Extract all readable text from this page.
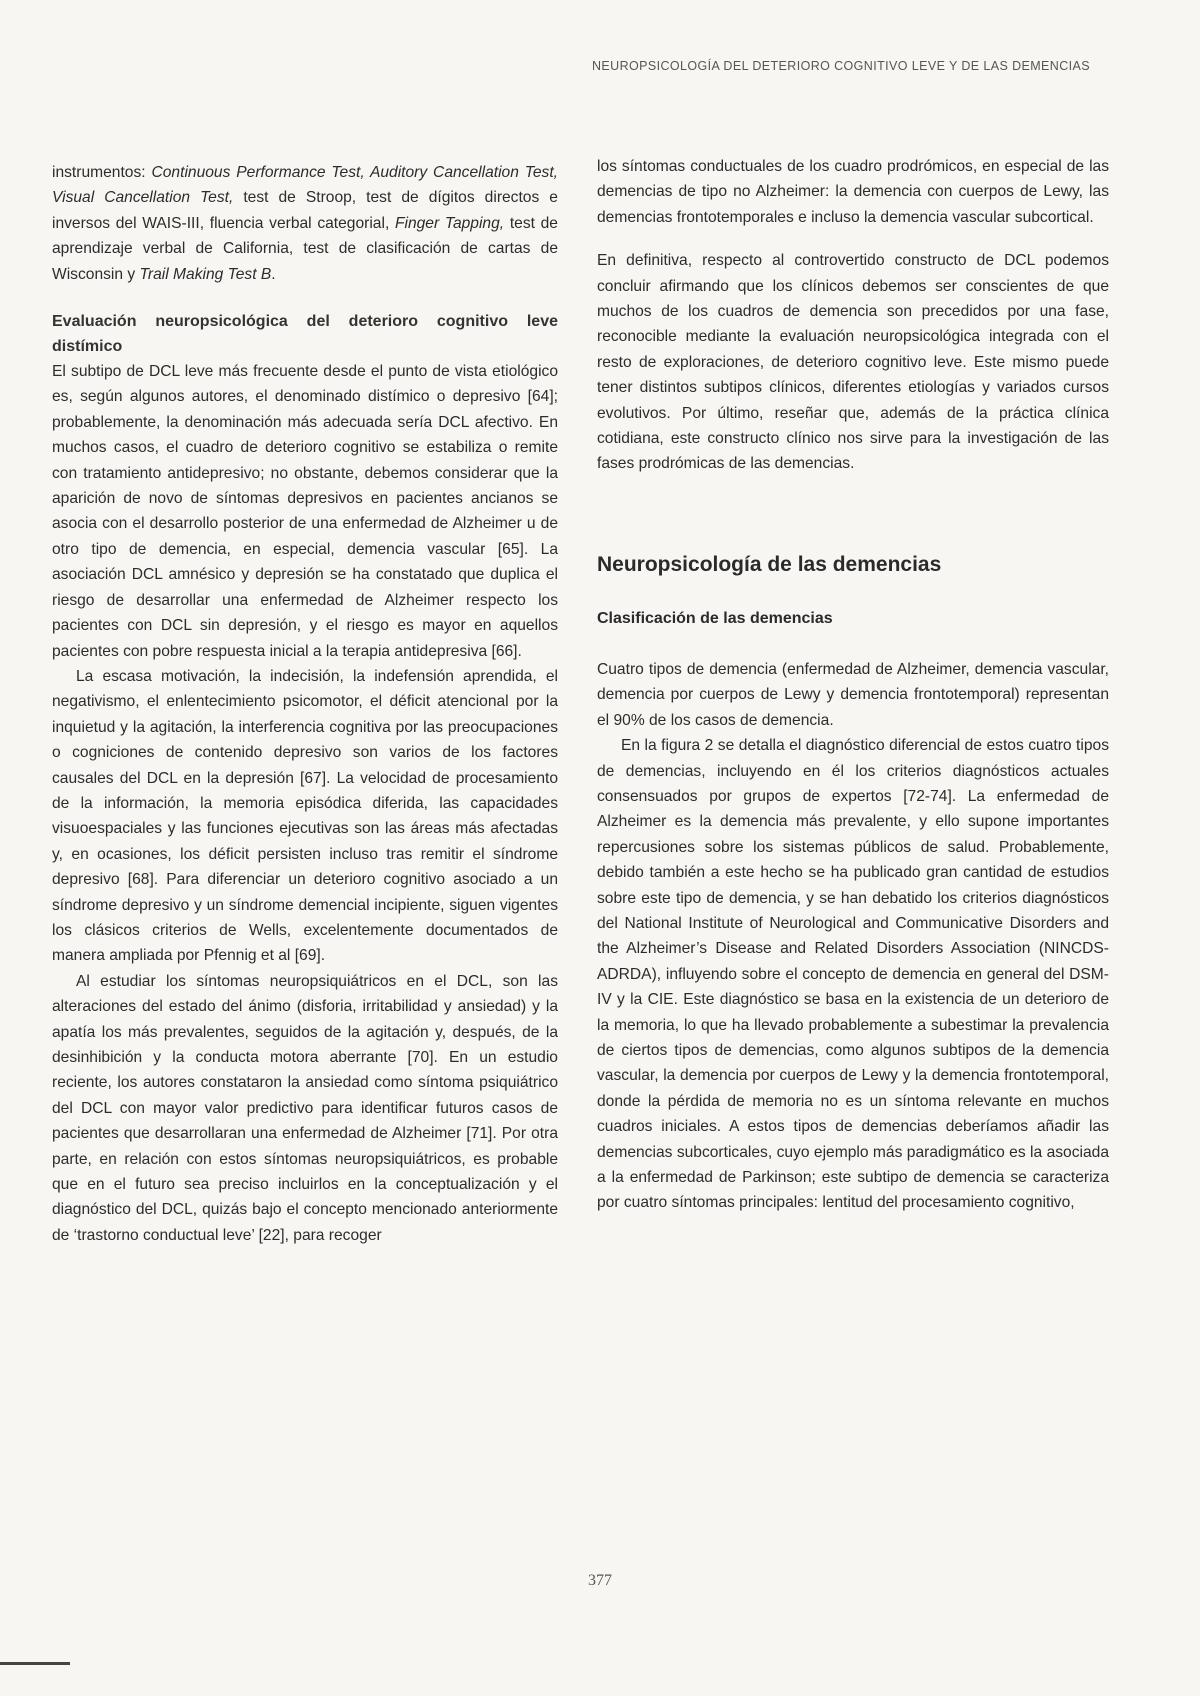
NEUROPSICOLOGÍA DEL DETERIORO COGNITIVO LEVE Y DE LAS DEMENCIAS

instrumentos: Continuous Performance Test, Auditory Cancellation Test, Visual Cancellation Test, test de Stroop, test de dígitos directos e inversos del WAIS-III, fluencia verbal categorial, Finger Tapping, test de aprendizaje verbal de California, test de clasificación de cartas de Wisconsin y Trail Making Test B.

Evaluación neuropsicológica del deterioro cognitivo leve distímico

El subtipo de DCL leve más frecuente desde el punto de vista etiológico es, según algunos autores, el denominado distímico o depresivo [64]; probablemente, la denominación más adecuada sería DCL afectivo. En muchos casos, el cuadro de deterioro cognitivo se estabiliza o remite con tratamiento antidepresivo; no obstante, debemos considerar que la aparición de novo de síntomas depresivos en pacientes ancianos se asocia con el desarrollo posterior de una enfermedad de Alzheimer u de otro tipo de demencia, en especial, demencia vascular [65]. La asociación DCL amnésico y depresión se ha constatado que duplica el riesgo de desarrollar una enfermedad de Alzheimer respecto los pacientes con DCL sin depresión, y el riesgo es mayor en aquellos pacientes con pobre respuesta inicial a la terapia antidepresiva [66].

La escasa motivación, la indecisión, la indefensión aprendida, el negativismo, el enlentecimiento psicomotor, el déficit atencional por la inquietud y la agitación, la interferencia cognitiva por las preocupaciones o cogniciones de contenido depresivo son varios de los factores causales del DCL en la depresión [67]. La velocidad de procesamiento de la información, la memoria episódica diferida, las capacidades visuoespaciales y las funciones ejecutivas son las áreas más afectadas y, en ocasiones, los déficit persisten incluso tras remitir el síndrome depresivo [68]. Para diferenciar un deterioro cognitivo asociado a un síndrome depresivo y un síndrome demencial incipiente, siguen vigentes los clásicos criterios de Wells, excelentemente documentados de manera ampliada por Pfennig et al [69].

Al estudiar los síntomas neuropsiquiátricos en el DCL, son las alteraciones del estado del ánimo (disforia, irritabilidad y ansiedad) y la apatía los más prevalentes, seguidos de la agitación y, después, de la desinhibición y la conducta motora aberrante [70]. En un estudio reciente, los autores constataron la ansiedad como síntoma psiquiátrico del DCL con mayor valor predictivo para identificar futuros casos de pacientes que desarrollaran una enfermedad de Alzheimer [71]. Por otra parte, en relación con estos síntomas neuropsiquiátricos, es probable que en el futuro sea preciso incluirlos en la conceptualización y el diagnóstico del DCL, quizás bajo el concepto mencionado anteriormente de ‘trastorno conductual leve’ [22], para recoger

los síntomas conductuales de los cuadro prodrómicos, en especial de las demencias de tipo no Alzheimer: la demencia con cuerpos de Lewy, las demencias frontotemporales e incluso la demencia vascular subcortical.

En definitiva, respecto al controvertido constructo de DCL podemos concluir afirmando que los clínicos debemos ser conscientes de que muchos de los cuadros de demencia son precedidos por una fase, reconocible mediante la evaluación neuropsicológica integrada con el resto de exploraciones, de deterioro cognitivo leve. Este mismo puede tener distintos subtipos clínicos, diferentes etiologías y variados cursos evolutivos. Por último, reseñar que, además de la práctica clínica cotidiana, este constructo clínico nos sirve para la investigación de las fases prodrómicas de las demencias.

Neuropsicología de las demencias
Clasificación de las demencias

Cuatro tipos de demencia (enfermedad de Alzheimer, demencia vascular, demencia por cuerpos de Lewy y demencia frontotemporal) representan el 90% de los casos de demencia.

En la figura 2 se detalla el diagnóstico diferencial de estos cuatro tipos de demencias, incluyendo en él los criterios diagnósticos actuales consensuados por grupos de expertos [72-74]. La enfermedad de Alzheimer es la demencia más prevalente, y ello supone importantes repercusiones sobre los sistemas públicos de salud. Probablemente, debido también a este hecho se ha publicado gran cantidad de estudios sobre este tipo de demencia, y se han debatido los criterios diagnósticos del National Institute of Neurological and Communicative Disorders and the Alzheimer’s Disease and Related Disorders Association (NINCDS-ADRDA), influyendo sobre el concepto de demencia en general del DSM-IV y la CIE. Este diagnóstico se basa en la existencia de un deterioro de la memoria, lo que ha llevado probablemente a subestimar la prevalencia de ciertos tipos de demencias, como algunos subtipos de la demencia vascular, la demencia por cuerpos de Lewy y la demencia frontotemporal, donde la pérdida de memoria no es un síntoma relevante en muchos cuadros iniciales. A estos tipos de demencias deberíamos añadir las demencias subcorticales, cuyo ejemplo más paradigmático es la asociada a la enfermedad de Parkinson; este subtipo de demencia se caracteriza por cuatro síntomas principales: lentitud del procesamiento cognitivo,

377
